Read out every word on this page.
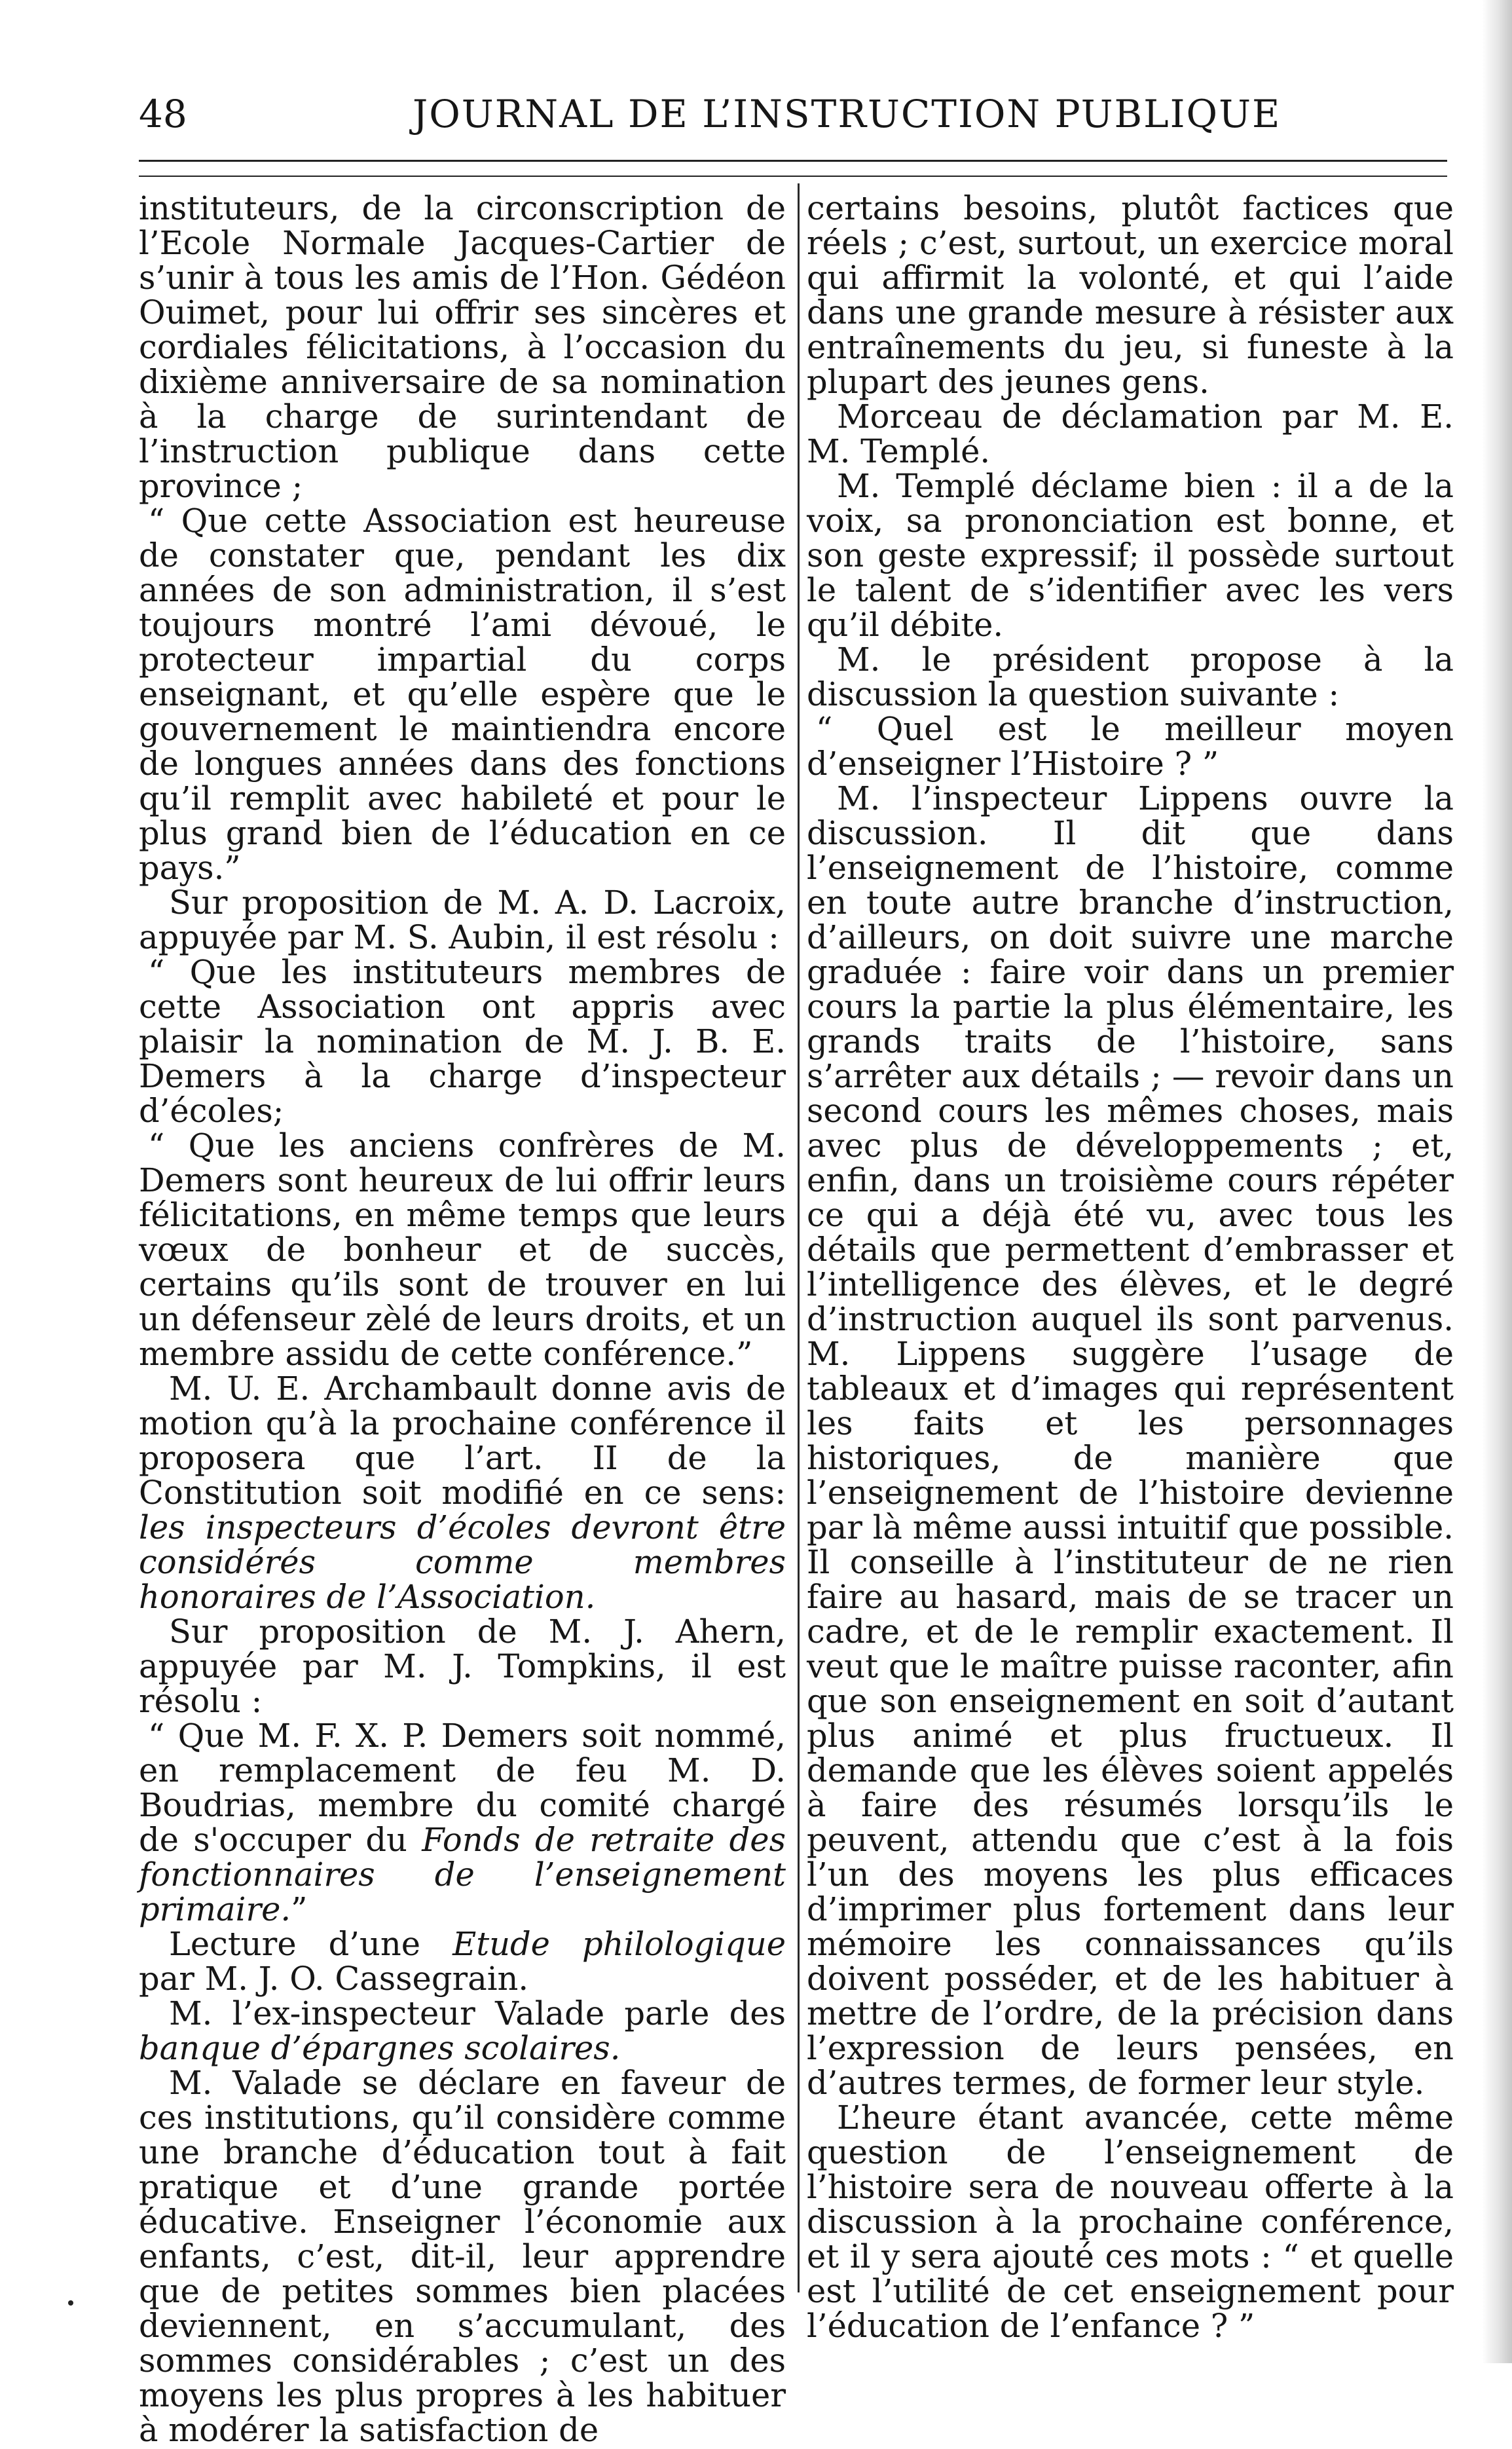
48	JOURNAL DE L’INSTRUCTION PUBLIQUE

instituteurs, de la circonscription de l’Ecole Normale Jacques-Cartier de s’unir à tous les amis de l’Hon. Gédéon Ouimet, pour lui offrir ses sincères et cordiales félicitations, à l’occasion du dixième anniversaire de sa nomination à la charge de surintendant de l’instruction publique dans cette province ;

“ Que cette Association est heureuse de constater que, pendant les dix années de son administration, il s’est toujours montré l’ami dévoué, le protecteur impartial du corps enseignant, et qu’elle espère que le gouvernement le maintiendra encore de longues années dans des fonctions qu’il remplit avec habileté et pour le plus grand bien de l’éducation en ce pays.”

Sur proposition de M. A. D. Lacroix, appuyée par M. S. Aubin, il est résolu :

“ Que les instituteurs membres de cette Association ont appris avec plaisir la nomination de M. J. B. E. Demers à la charge d’inspecteur d’écoles;

“ Que les anciens confrères de M. Demers sont heureux de lui offrir leurs félicitations, en même temps que leurs vœux de bonheur et de succès, certains qu’ils sont de trouver en lui un défenseur zèlé de leurs droits, et un membre assidu de cette conférence.”

M. U. E. Archambault donne avis de motion qu’à la prochaine conférence il proposera que l’art. II de la Constitution soit modifié en ce sens: les inspecteurs d’écoles devront être considérés comme membres honoraires de l’Association.

Sur proposition de M. J. Ahern, appuyée par M. J. Tompkins, il est résolu :

“ Que M. F. X. P. Demers soit nommé, en remplacement de feu M. D. Boudrias, membre du comité chargé de s'occuper du Fonds de retraite des fonctionnaires de l’enseignement primaire.”

Lecture d’une Etude philologique par M. J. O. Cassegrain.

M. l’ex-inspecteur Valade parle des banque d’épargnes scolaires.

M. Valade se déclare en faveur de ces institutions, qu’il considère comme une branche d’éducation tout à fait pratique et d’une grande portée éducative. Enseigner l’économie aux enfants, c’est, dit-il, leur apprendre que de petites sommes bien placées deviennent, en s’accumulant, des sommes considérables ; c’est un des moyens les plus propres à les habituer à modérer la satisfaction de

certains besoins, plutôt factices que réels ; c’est, surtout, un exercice moral qui affirmit la volonté, et qui l’aide dans une grande mesure à résister aux entraînements du jeu, si funeste à la plupart des jeunes gens.

Morceau de déclamation par M. E. M. Templé.

M. Templé déclame bien : il a de la voix, sa prononciation est bonne, et son geste expressif; il possède surtout le talent de s’identifier avec les vers qu’il débite.

M. le président propose à la discussion la question suivante :

“ Quel est le meilleur moyen d’enseigner l’Histoire ? ”

M. l’inspecteur Lippens ouvre la discussion. Il dit que dans l’enseignement de l’histoire, comme en toute autre branche d’instruction, d’ailleurs, on doit suivre une marche graduée : faire voir dans un premier cours la partie la plus élémentaire, les grands traits de l’histoire, sans s’arrêter aux détails ; — revoir dans un second cours les mêmes choses, mais avec plus de développements ; et, enfin, dans un troisième cours répéter ce qui a déjà été vu, avec tous les détails que permettent d’embrasser et l’intelligence des élèves, et le degré d’instruction auquel ils sont parvenus. M. Lippens suggère l’usage de tableaux et d’images qui représentent les faits et les personnages historiques, de manière que l’enseignement de l’histoire devienne par là même aussi intuitif que possible. Il conseille à l’instituteur de ne rien faire au hasard, mais de se tracer un cadre, et de le remplir exactement. Il veut que le maître puisse raconter, afin que son enseignement en soit d’autant plus animé et plus fructueux. Il demande que les élèves soient appelés à faire des résumés lorsqu’ils le peuvent, attendu que c’est à la fois l’un des moyens les plus efficaces d’imprimer plus fortement dans leur mémoire les connaissances qu’ils doivent posséder, et de les habituer à mettre de l’ordre, de la précision dans l’expression de leurs pensées, en d’autres termes, de former leur style.

L’heure étant avancée, cette même question de l’enseignement de l’histoire sera de nouveau offerte à la discussion à la prochaine conférence, et il y sera ajouté ces mots : “ et quelle est l’utilité de cet enseignement pour l’éducation de l’enfance ? ”
